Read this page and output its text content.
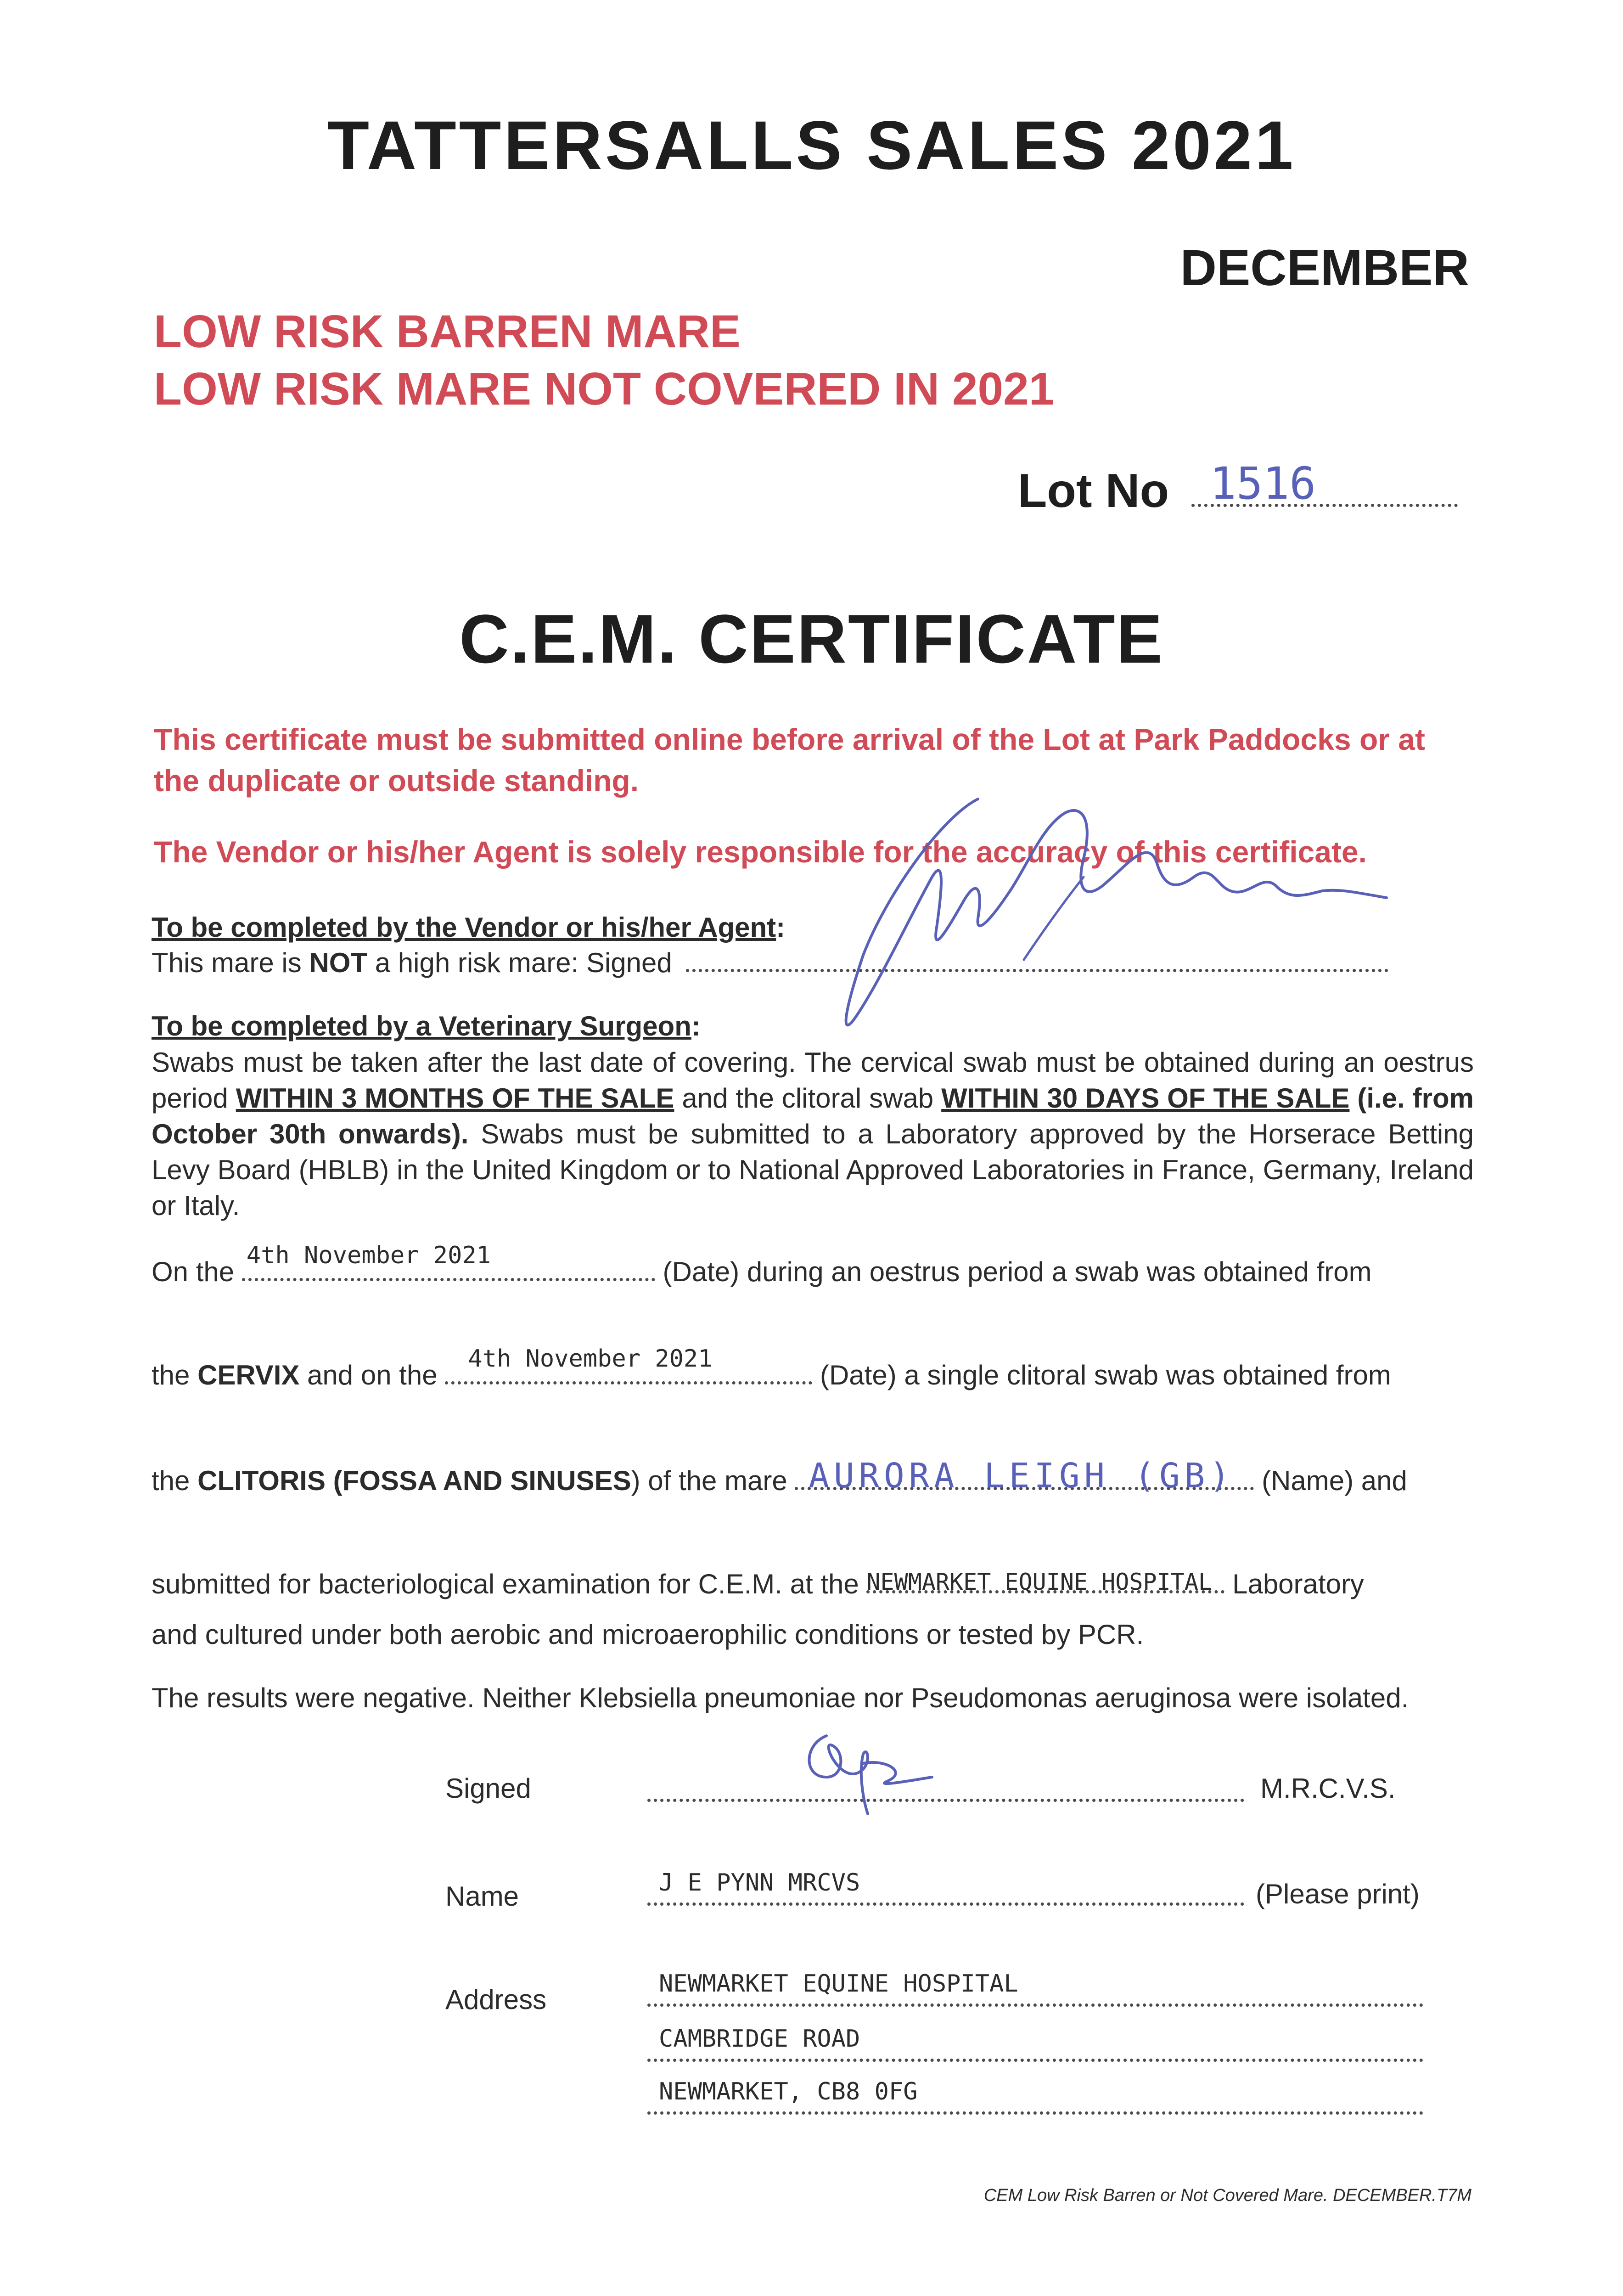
TATTERSALLS SALES 2021
DECEMBER
LOW RISK BARREN MARE
LOW RISK MARE NOT COVERED IN 2021
Lot No 1516
C.E.M. CERTIFICATE
This certificate must be submitted online before arrival of the Lot at Park Paddocks or at the duplicate or outside standing.
The Vendor or his/her Agent is solely responsible for the accuracy of this certificate.
To be completed by the Vendor or his/her Agent:
This mare is NOT a high risk mare: Signed
To be completed by a Veterinary Surgeon:
Swabs must be taken after the last date of covering. The cervical swab must be obtained during an oestrus period WITHIN 3 MONTHS OF THE SALE and the clitoral swab WITHIN 30 DAYS OF THE SALE (i.e. from October 30th onwards). Swabs must be submitted to a Laboratory approved by the Horserace Betting Levy Board (HBLB) in the United Kingdom or to National Approved Laboratories in France, Germany, Ireland or Italy.
On the
4th November 2021
(Date) during an oestrus period a swab was obtained from
the CERVIX and on the
4th November 2021
(Date) a single clitoral swab was obtained from
the CLITORIS (FOSSA AND SINUSES) of the mare AURORA LEIGH (GB) (Name) and
submitted for bacteriological examination for C.E.M. at the NEWMARKET EQUINE HOSPITAL Laboratory
and cultured under both aerobic and microaerophilic conditions or tested by PCR.
The results were negative. Neither Klebsiella pneumoniae nor Pseudomonas aeruginosa were isolated.
Signed	M.R.C.V.S.
Name	J E PYNN MRCVS	(Please print)
Address
NEWMARKET EQUINE HOSPITAL
CAMBRIDGE ROAD
NEWMARKET, CB8 0FG
CEM Low Risk Barren or Not Covered Mare. DECEMBER.T7M
